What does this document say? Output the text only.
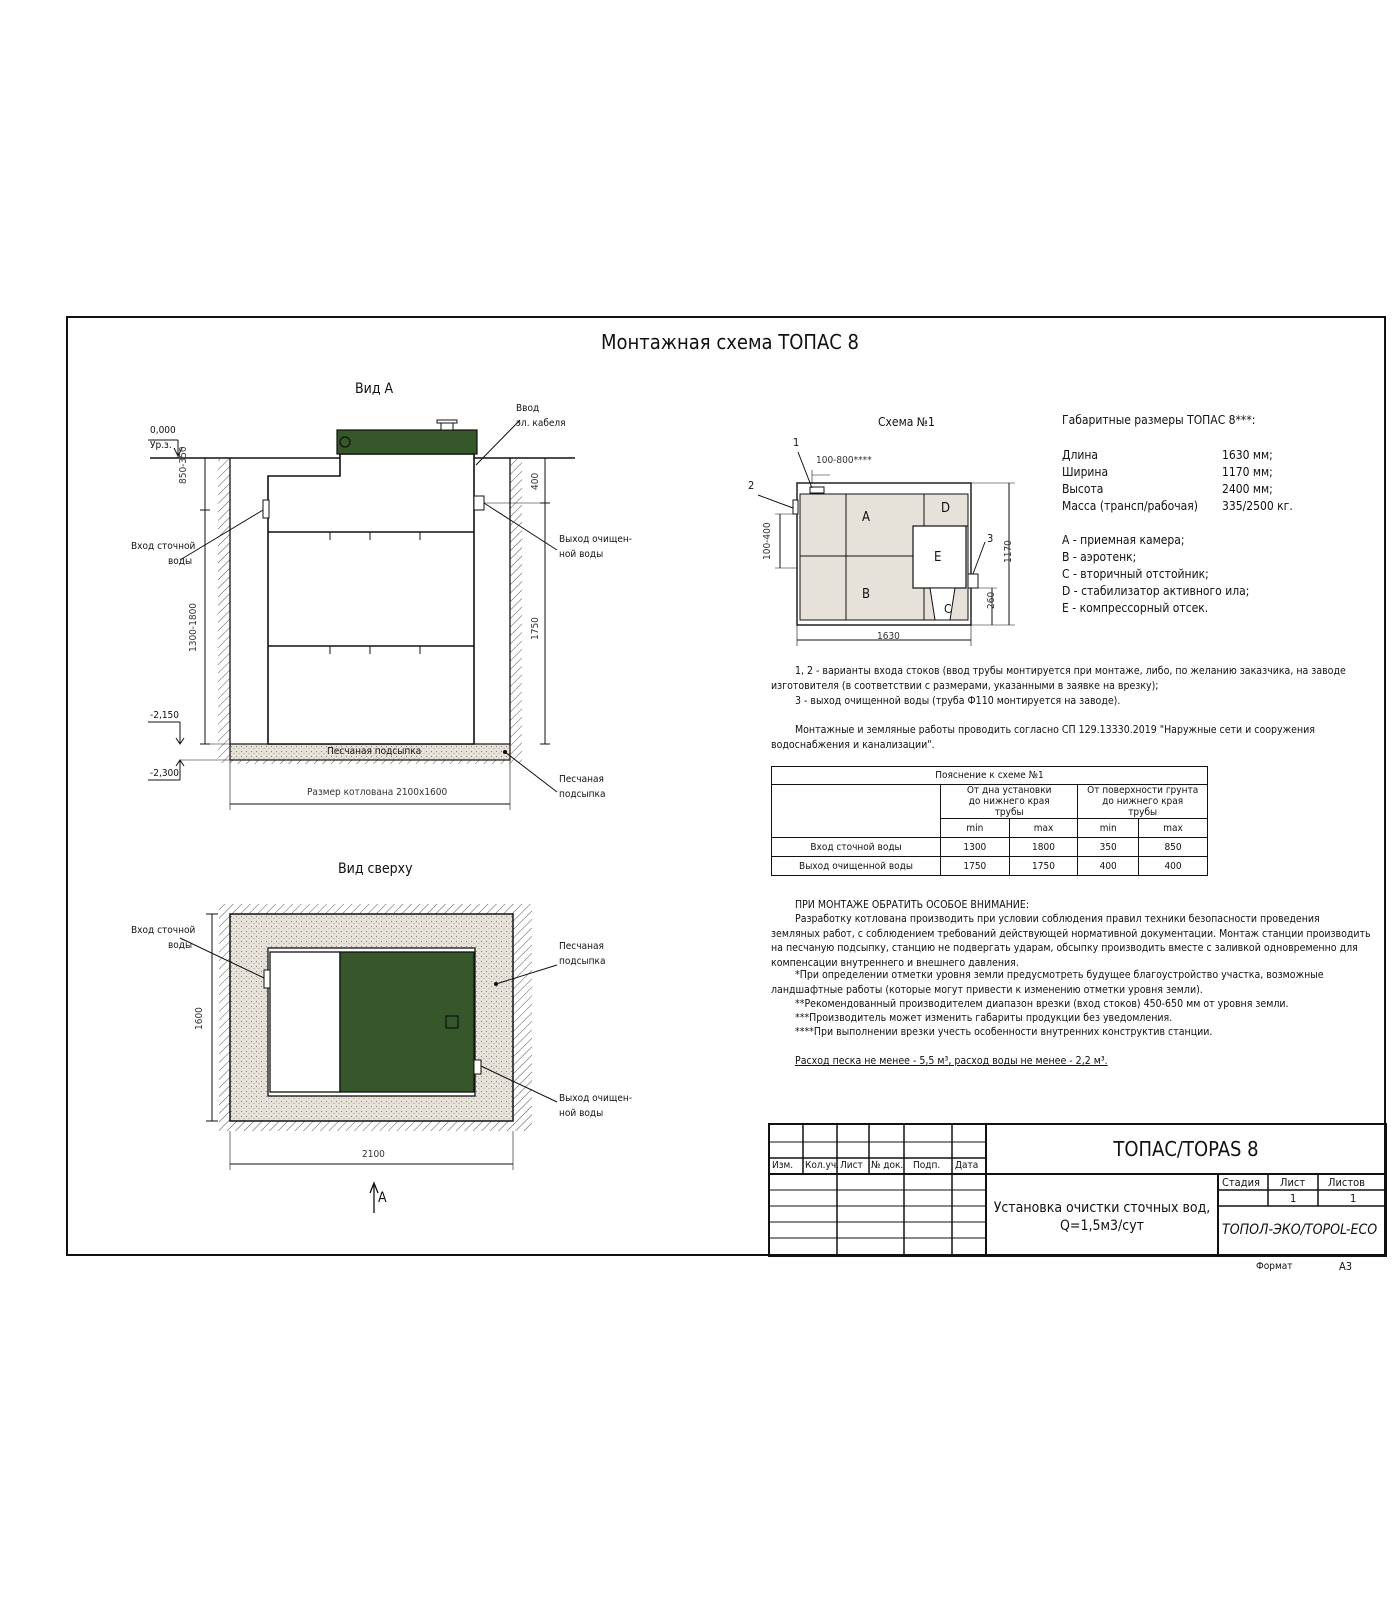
Монтажная схема ТОПАС 8
Вид А
0,000
Ур.з.
Ввод
эл. кабеля
Вход сточной
воды
Выход очищен-
ной воды
Песчаная
подсыпка
Песчаная подсыпка
Размер котлована 2100х1600
-2,150
-2,300
850-350
1300-1800
400
1750
Вид сверху
Вход сточной
воды	Песчаная
подсыпка
Выход очищен-
ной воды
1600
2100
А
Схема №1
100-800****
100-400
1630
1170
260
1
2
3
A
B
C
D
E
Габаритные размеры ТОПАС 8***:
Длина	1630 мм;
Ширина	1170 мм;
Высота	2400 мм;
Масса (трансп/рабочая) 335/2500 кг.
A - приемная камера;
B - аэротенк;
C - вторичный отстойник;
D - стабилизатор активного ила;
E - компрессорный отсек.
1, 2 - варианты входа стоков (ввод трубы монтируется при монтаже, либо, по желанию заказчика, на заводе изготовителя (в соответствии с размерами, указанными в заявке на врезку);
3 - выход очищенной воды (труба Ф110 монтируется на заводе).
Монтажные и земляные работы проводить согласно СП 129.13330.2019 "Наружные сети и сооружения водоснабжения и канализации".
Пояснение к схеме №1				
	От дна установки до нижнего края трубы		От поверхности грунта до нижнего края трубы	
	min	max	min	max
Вход сточной воды	1300	1800	350	850
Выход очищенной воды	1750	1750	400	400
ПРИ МОНТАЖЕ ОБРАТИТЬ ОСОБОЕ ВНИМАНИЕ:
Разработку котлована производить при условии соблюдения правил техники безопасности проведения земляных работ, с соблюдением требований действующей нормативной документации. Монтаж станции производить на песчаную подсыпку, станцию не подвергать ударам, обсыпку производить вместе с заливкой одновременно для компенсации внутреннего и внешнего давления.
*При определении отметки уровня земли предусмотреть будущее благоустройство участка, возможные ландшафтные работы (которые могут привести к изменению отметки уровня земли).
**Рекомендованный производителем диапазон врезки (вход стоков) 450-650 мм от уровня земли.
***Производитель может изменить габариты продукции без уведомления.
****При выполнении врезки учесть особенности внутренних конструктив станции.
Расход песка не менее - 5,5 м³, расход воды не менее - 2,2 м³.
Изм. Кол.уч. Лист № док. Подп. Дата
ТОПАС/TOPAS 8
Установка очистки сточных вод,
Q=1,5м3/сут
Стадия Лист Листов
1	1
ТОПОЛ-ЭКО/TOPOL-ECO
Формат	А3
